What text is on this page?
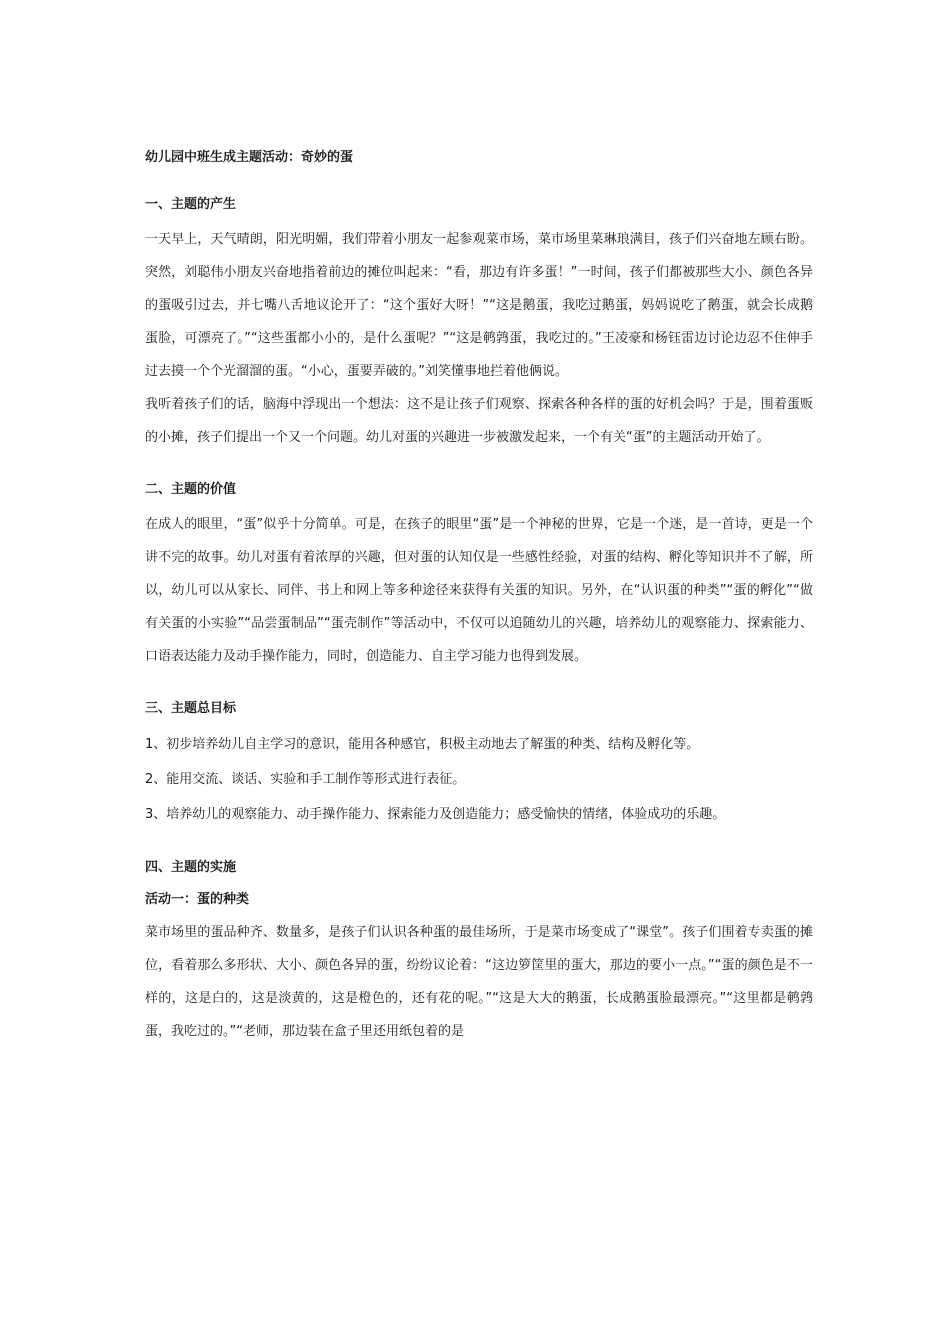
幼儿园中班生成主题活动：奇妙的蛋
一、主题的产生

一天早上，天气晴朗，阳光明媚，我们带着小朋友一起参观菜市场，菜市场里菜琳琅满目，孩子们兴奋地左顾右盼。突然，刘聪伟小朋友兴奋地指着前边的摊位叫起来：“看，那边有许多蛋！”一时间，孩子们都被那些大小、颜色各异的蛋吸引过去，并七嘴八舌地议论开了：“这个蛋好大呀！”“这是鹅蛋，我吃过鹅蛋，妈妈说吃了鹅蛋，就会长成鹅蛋脸，可漂亮了。”“这些蛋都小小的，是什么蛋呢？”“这是鹌鹑蛋，我吃过的。”王凌豪和杨钰雷边讨论边忍不住伸手过去摸一个个光溜溜的蛋。“小心，蛋要弄破的。”刘笑懂事地拦着他俩说。

我听着孩子们的话，脑海中浮现出一个想法：这不是让孩子们观察、探索各种各样的蛋的好机会吗？于是，围着蛋贩的小摊，孩子们提出一个又一个问题。幼儿对蛋的兴趣进一步被激发起来，一个有关“蛋”的主题活动开始了。

二、主题的价值

在成人的眼里，“蛋”似乎十分简单。可是，在孩子的眼里“蛋”是一个神秘的世界，它是一个迷，是一首诗，更是一个讲不完的故事。幼儿对蛋有着浓厚的兴趣，但对蛋的认知仅是一些感性经验，对蛋的结构、孵化等知识并不了解，所以，幼儿可以从家长、同伴、书上和网上等多种途径来获得有关蛋的知识。另外，在“认识蛋的种类”“蛋的孵化”“做有关蛋的小实验”“品尝蛋制品”“蛋壳制作”等活动中，不仅可以追随幼儿的兴趣，培养幼儿的观察能力、探索能力、口语表达能力及动手操作能力，同时，创造能力、自主学习能力也得到发展。

三、主题总目标

1、初步培养幼儿自主学习的意识，能用各种感官，积极主动地去了解蛋的种类、结构及孵化等。

2、能用交流、谈话、实验和手工制作等形式进行表征。

3、培养幼儿的观察能力、动手操作能力、探索能力及创造能力；感受愉快的情绪，体验成功的乐趣。

四、主题的实施
活动一：蛋的种类

菜市场里的蛋品种齐、数量多，是孩子们认识各种蛋的最佳场所，于是菜市场变成了“课堂”。孩子们围着专卖蛋的摊位，看着那么多形状、大小、颜色各异的蛋，纷纷议论着：“这边箩筐里的蛋大，那边的要小一点。”“蛋的颜色是不一样的，这是白的，这是淡黄的，这是橙色的，还有花的呢。”“这是大大的鹅蛋，长成鹅蛋脸最漂亮。”“这里都是鹌鹑蛋，我吃过的。”“老师，那边装在盒子里还用纸包着的是
